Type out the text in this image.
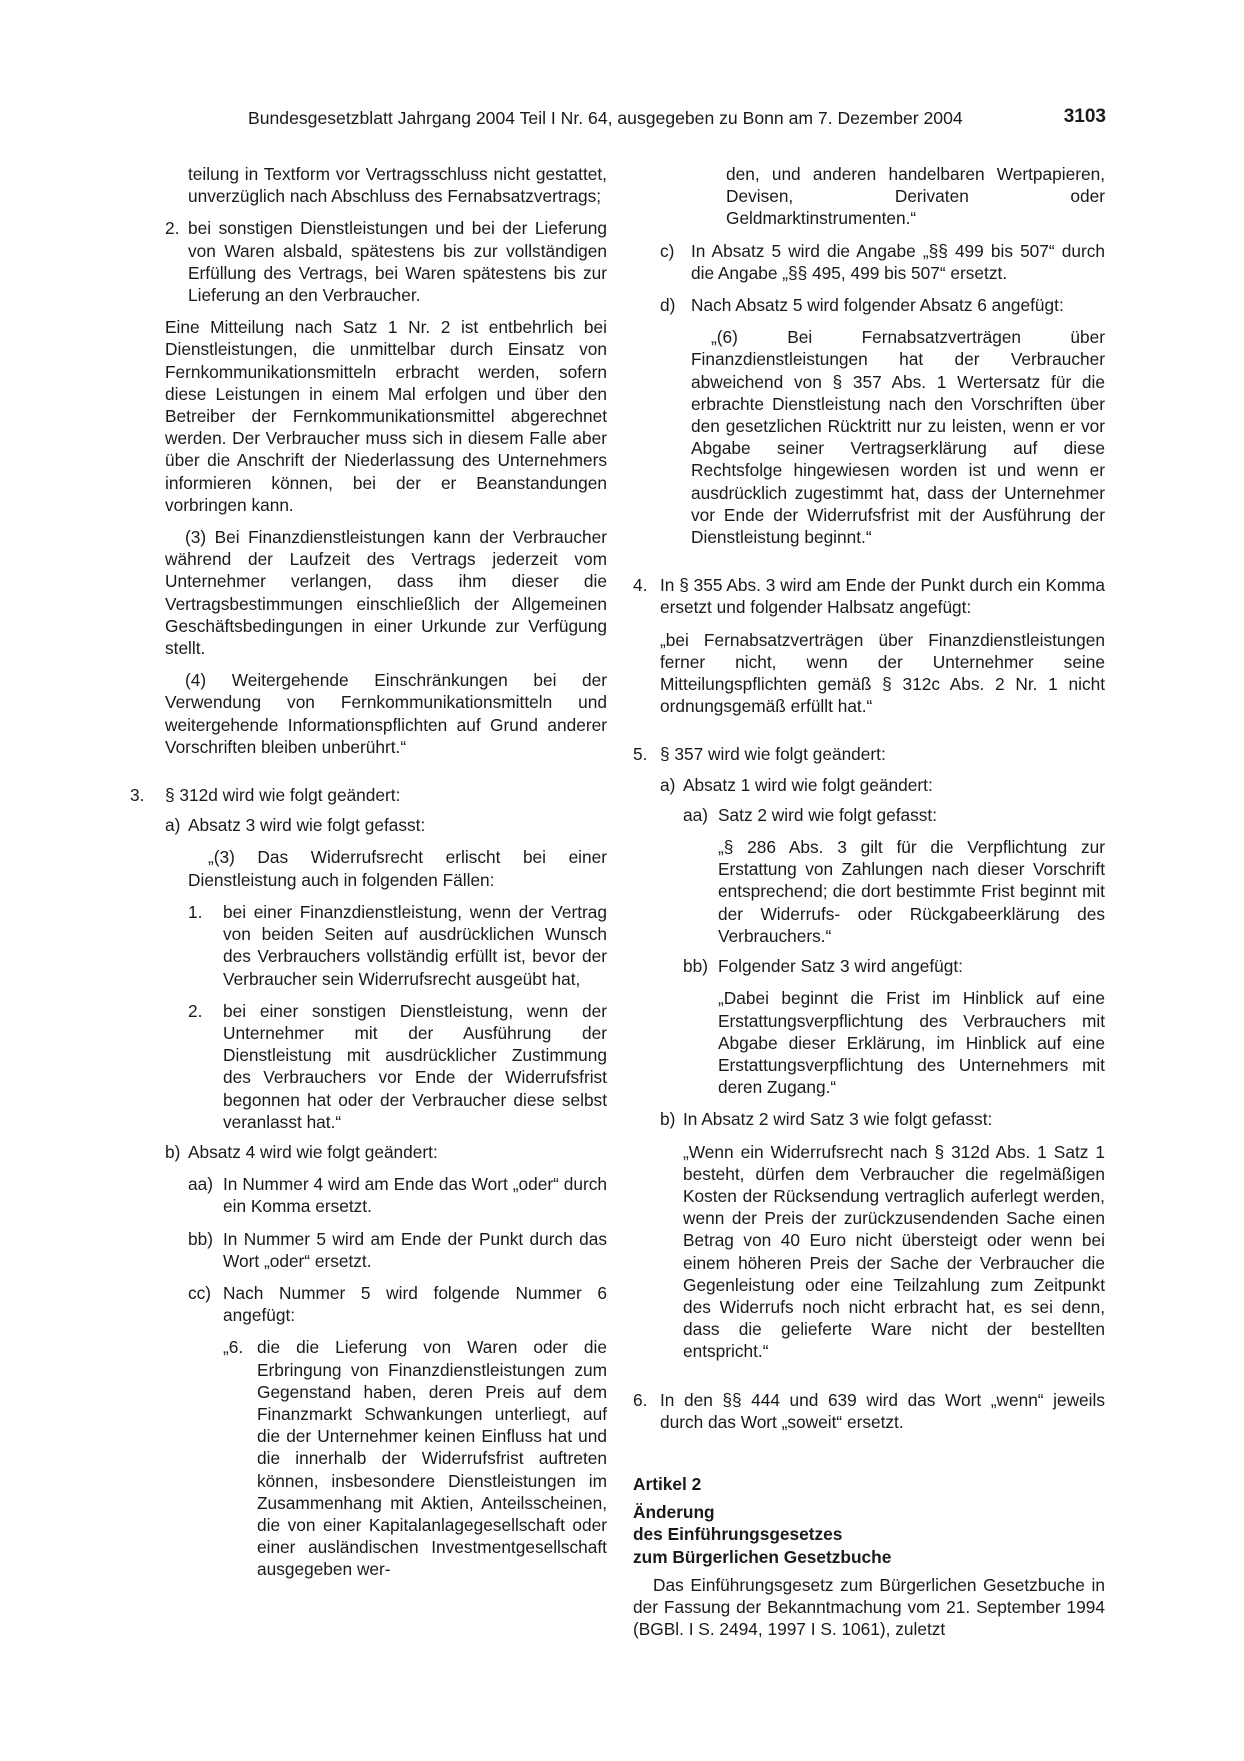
Bundesgesetzblatt Jahrgang 2004 Teil I Nr. 64, ausgegeben zu Bonn am 7. Dezember 2004	3103

teilung in Textform vor Vertragsschluss nicht gestattet, unverzüglich nach Abschluss des Fernabsatzvertrags;

2. bei sonstigen Dienstleistungen und bei der Lieferung von Waren alsbald, spätestens bis zur vollständigen Erfüllung des Vertrags, bei Waren spätestens bis zur Lieferung an den Verbraucher.

Eine Mitteilung nach Satz 1 Nr. 2 ist entbehrlich bei Dienstleistungen, die unmittelbar durch Einsatz von Fernkommunikationsmitteln erbracht werden, sofern diese Leistungen in einem Mal erfolgen und über den Betreiber der Fernkommunikationsmittel abgerechnet werden. Der Verbraucher muss sich in diesem Falle aber über die Anschrift der Niederlassung des Unternehmers informieren können, bei der er Beanstandungen vorbringen kann.

(3) Bei Finanzdienstleistungen kann der Verbraucher während der Laufzeit des Vertrags jederzeit vom Unternehmer verlangen, dass ihm dieser die Vertragsbestimmungen einschließlich der Allgemeinen Geschäftsbedingungen in einer Urkunde zur Verfügung stellt.

(4) Weitergehende Einschränkungen bei der Verwendung von Fernkommunikationsmitteln und weitergehende Informationspflichten auf Grund anderer Vorschriften bleiben unberührt.“

3. § 312d wird wie folgt geändert:
a) Absatz 3 wird wie folgt gefasst:

„(3) Das Widerrufsrecht erlischt bei einer Dienstleistung auch in folgenden Fällen:

1. bei einer Finanzdienstleistung, wenn der Vertrag von beiden Seiten auf ausdrücklichen Wunsch des Verbrauchers vollständig erfüllt ist, bevor der Verbraucher sein Widerrufsrecht ausgeübt hat,
2. bei einer sonstigen Dienstleistung, wenn der Unternehmer mit der Ausführung der Dienstleistung mit ausdrücklicher Zustimmung des Verbrauchers vor Ende der Widerrufsfrist begonnen hat oder der Verbraucher diese selbst veranlasst hat.“
b) Absatz 4 wird wie folgt geändert:
aa) In Nummer 4 wird am Ende das Wort „oder“ durch ein Komma ersetzt.
bb) In Nummer 5 wird am Ende der Punkt durch das Wort „oder“ ersetzt.
cc) Nach Nummer 5 wird folgende Nummer 6 angefügt:
„6. die die Lieferung von Waren oder die Erbringung von Finanzdienstleistungen zum Gegenstand haben, deren Preis auf dem Finanzmarkt Schwankungen unterliegt, auf die der Unternehmer keinen Einfluss hat und die innerhalb der Widerrufsfrist auftreten können, insbesondere Dienstleistungen im Zusammenhang mit Aktien, Anteilsscheinen, die von einer Kapitalanlagegesellschaft oder einer ausländischen Investmentgesellschaft ausgegeben wer-

den, und anderen handelbaren Wertpapieren, Devisen, Derivaten oder Geldmarktinstrumenten.“

c) In Absatz 5 wird die Angabe „§§ 499 bis 507“ durch die Angabe „§§ 495, 499 bis 507“ ersetzt.
d) Nach Absatz 5 wird folgender Absatz 6 angefügt:

„(6) Bei Fernabsatzverträgen über Finanzdienstleistungen hat der Verbraucher abweichend von § 357 Abs. 1 Wertersatz für die erbrachte Dienstleistung nach den Vorschriften über den gesetzlichen Rücktritt nur zu leisten, wenn er vor Abgabe seiner Vertragserklärung auf diese Rechtsfolge hingewiesen worden ist und wenn er ausdrücklich zugestimmt hat, dass der Unternehmer vor Ende der Widerrufsfrist mit der Ausführung der Dienstleistung beginnt.“

4. In § 355 Abs. 3 wird am Ende der Punkt durch ein Komma ersetzt und folgender Halbsatz angefügt:

„bei Fernabsatzverträgen über Finanzdienstleistungen ferner nicht, wenn der Unternehmer seine Mitteilungspflichten gemäß § 312c Abs. 2 Nr. 1 nicht ordnungsgemäß erfüllt hat.“

5. § 357 wird wie folgt geändert:
a) Absatz 1 wird wie folgt geändert:
aa) Satz 2 wird wie folgt gefasst:

„§ 286 Abs. 3 gilt für die Verpflichtung zur Erstattung von Zahlungen nach dieser Vorschrift entsprechend; die dort bestimmte Frist beginnt mit der Widerrufs- oder Rückgabeerklärung des Verbrauchers.“

bb) Folgender Satz 3 wird angefügt:

„Dabei beginnt die Frist im Hinblick auf eine Erstattungsverpflichtung des Verbrauchers mit Abgabe dieser Erklärung, im Hinblick auf eine Erstattungsverpflichtung des Unternehmers mit deren Zugang.“

b) In Absatz 2 wird Satz 3 wie folgt gefasst:

„Wenn ein Widerrufsrecht nach § 312d Abs. 1 Satz 1 besteht, dürfen dem Verbraucher die regelmäßigen Kosten der Rücksendung vertraglich auferlegt werden, wenn der Preis der zurückzusendenden Sache einen Betrag von 40 Euro nicht übersteigt oder wenn bei einem höheren Preis der Sache der Verbraucher die Gegenleistung oder eine Teilzahlung zum Zeitpunkt des Widerrufs noch nicht erbracht hat, es sei denn, dass die gelieferte Ware nicht der bestellten entspricht.“

6. In den §§ 444 und 639 wird das Wort „wenn“ jeweils durch das Wort „soweit“ ersetzt.

Artikel 2

Änderung

des Einführungsgesetzes

zum Bürgerlichen Gesetzbuche

Das Einführungsgesetz zum Bürgerlichen Gesetzbuche in der Fassung der Bekanntmachung vom 21. September 1994 (BGBl. I S. 2494, 1997 I S. 1061), zuletzt
